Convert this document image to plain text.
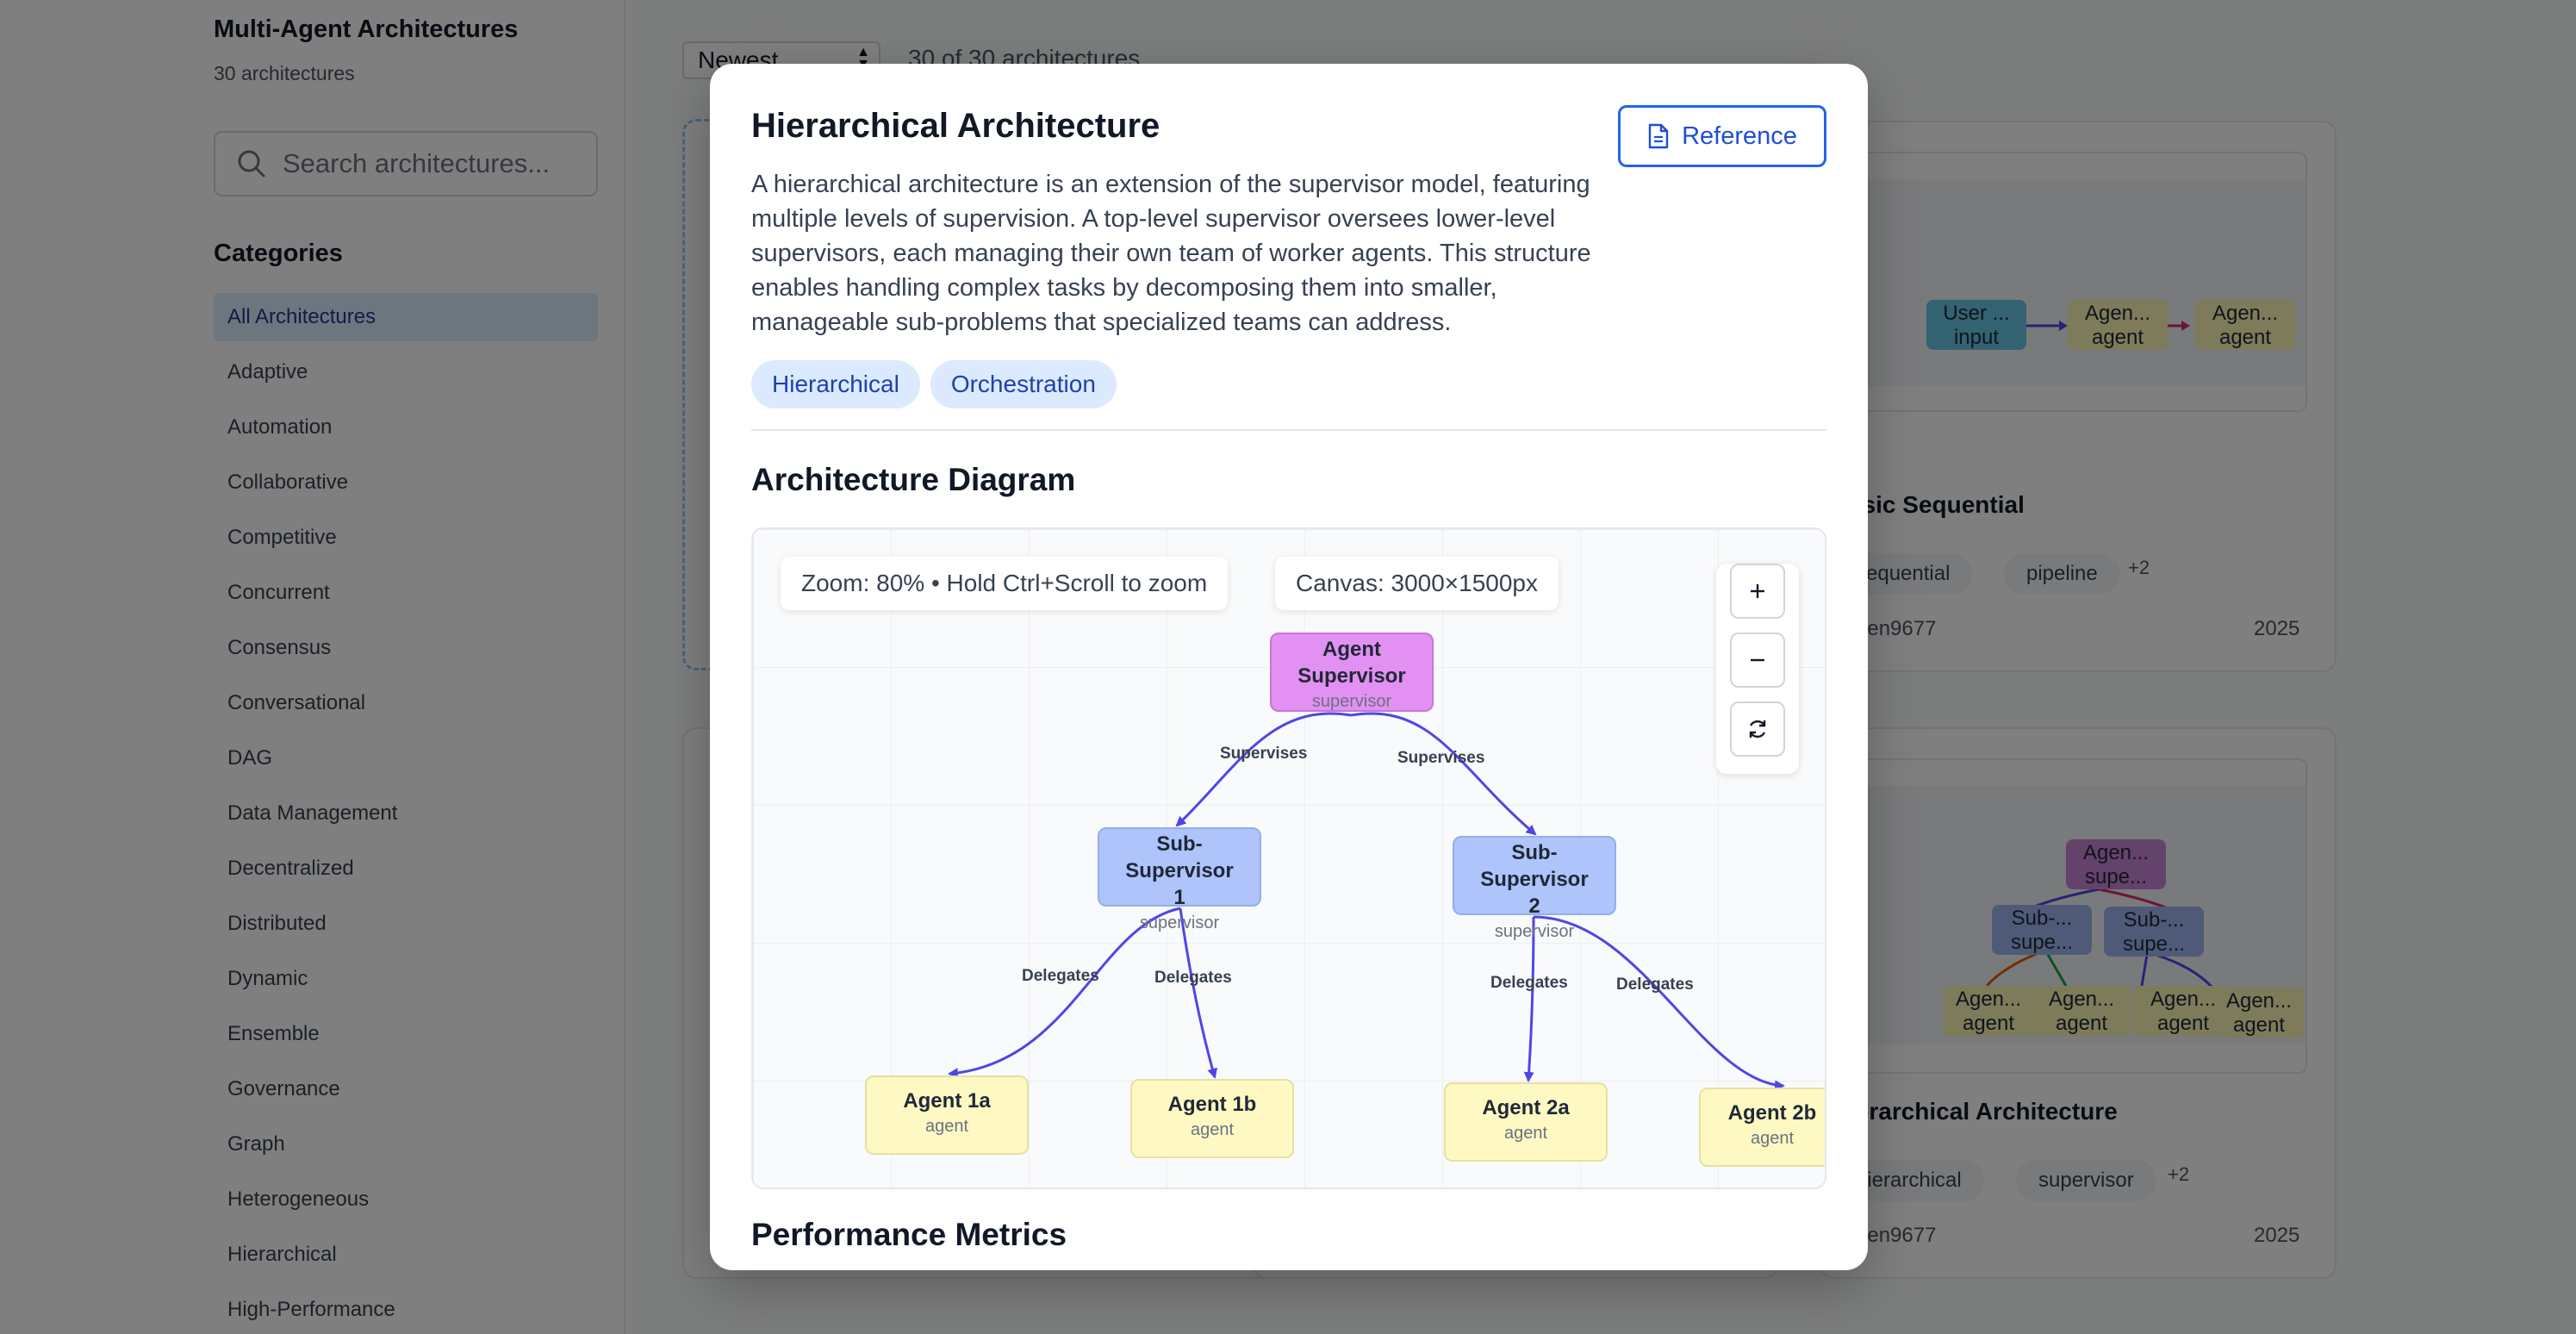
Hierarchical Architecture	Reference
A hierarchical architecture is an extension of the supervisor model, featuring multiple levels of supervision. A top-level supervisor oversees lower-level supervisors, each managing their own team of worker agents. This structure enables handling complex tasks by decomposing them into smaller, manageable sub-problems that specialized teams can address.
Hierarchical	Orchestration
Architecture Diagram
Zoom: 80% • Hold Ctrl+Scroll to zoom	Canvas: 3000×1500px
Supervises	Supervises
Delegates	Delegates	Delegates	Delegates
Agent Supervisor
supervisor
Sub-Supervisor 1
supervisor
Sub-Supervisor 2
supervisor
Agent 1a
agent
Agent 1b
agent
Agent 2a
agent
Agent 2b
agent
Performance Metrics
